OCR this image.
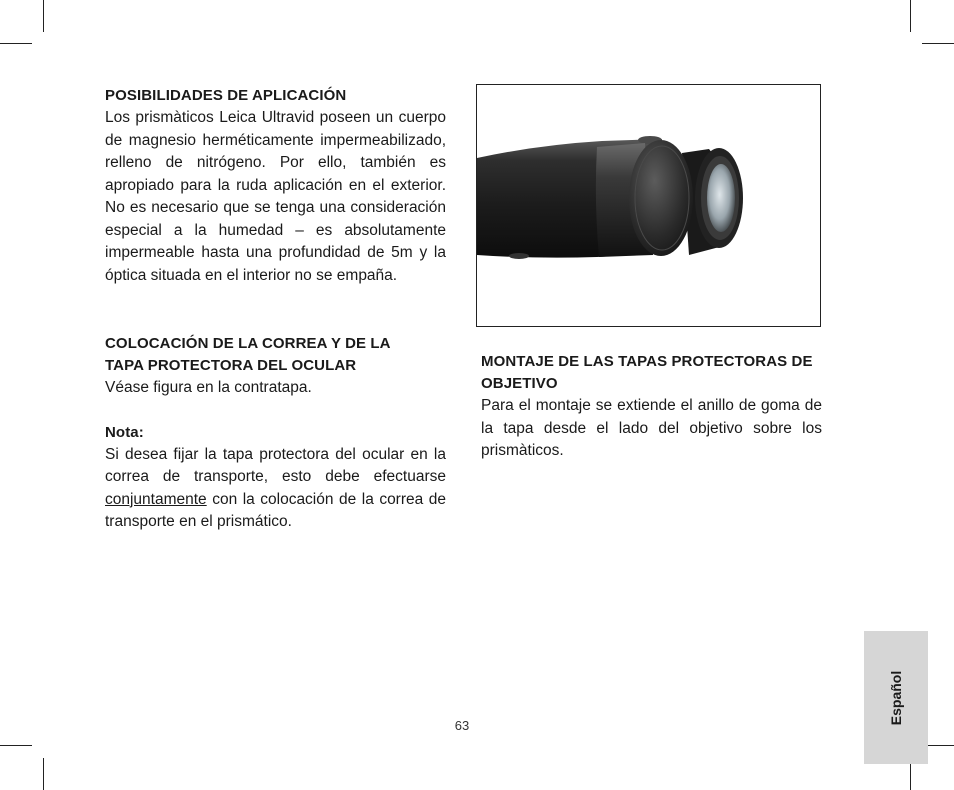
POSIBILIDADES DE APLICACIÓN

Los prismàticos Leica Ultravid poseen un cuerpo de magnesio herméticamente impermeabilizado, relleno de nitrógeno. Por ello, también es apropiado para la ruda aplicación en el exterior. No es necesario que se tenga una consideración especial a la humedad – es absolutamente impermeable hasta una profundidad de 5m y la óptica situada en el interior no se empaña.

COLOCACIÓN DE LA CORREA Y DE LA
TAPA PROTECTORA DEL OCULAR

Véase figura en la contratapa.

Nota:

Si desea fijar la tapa protectora del ocular en la correa de transporte, esto debe efectuarse conjuntamente con la colocación de la correa de transporte en el prismático.

MONTAJE DE LAS TAPAS PROTECTORAS DE
OBJETIVO

Para el montaje se extiende el anillo de goma de la tapa desde el lado del objetivo sobre los prismàticos.

Español
63
